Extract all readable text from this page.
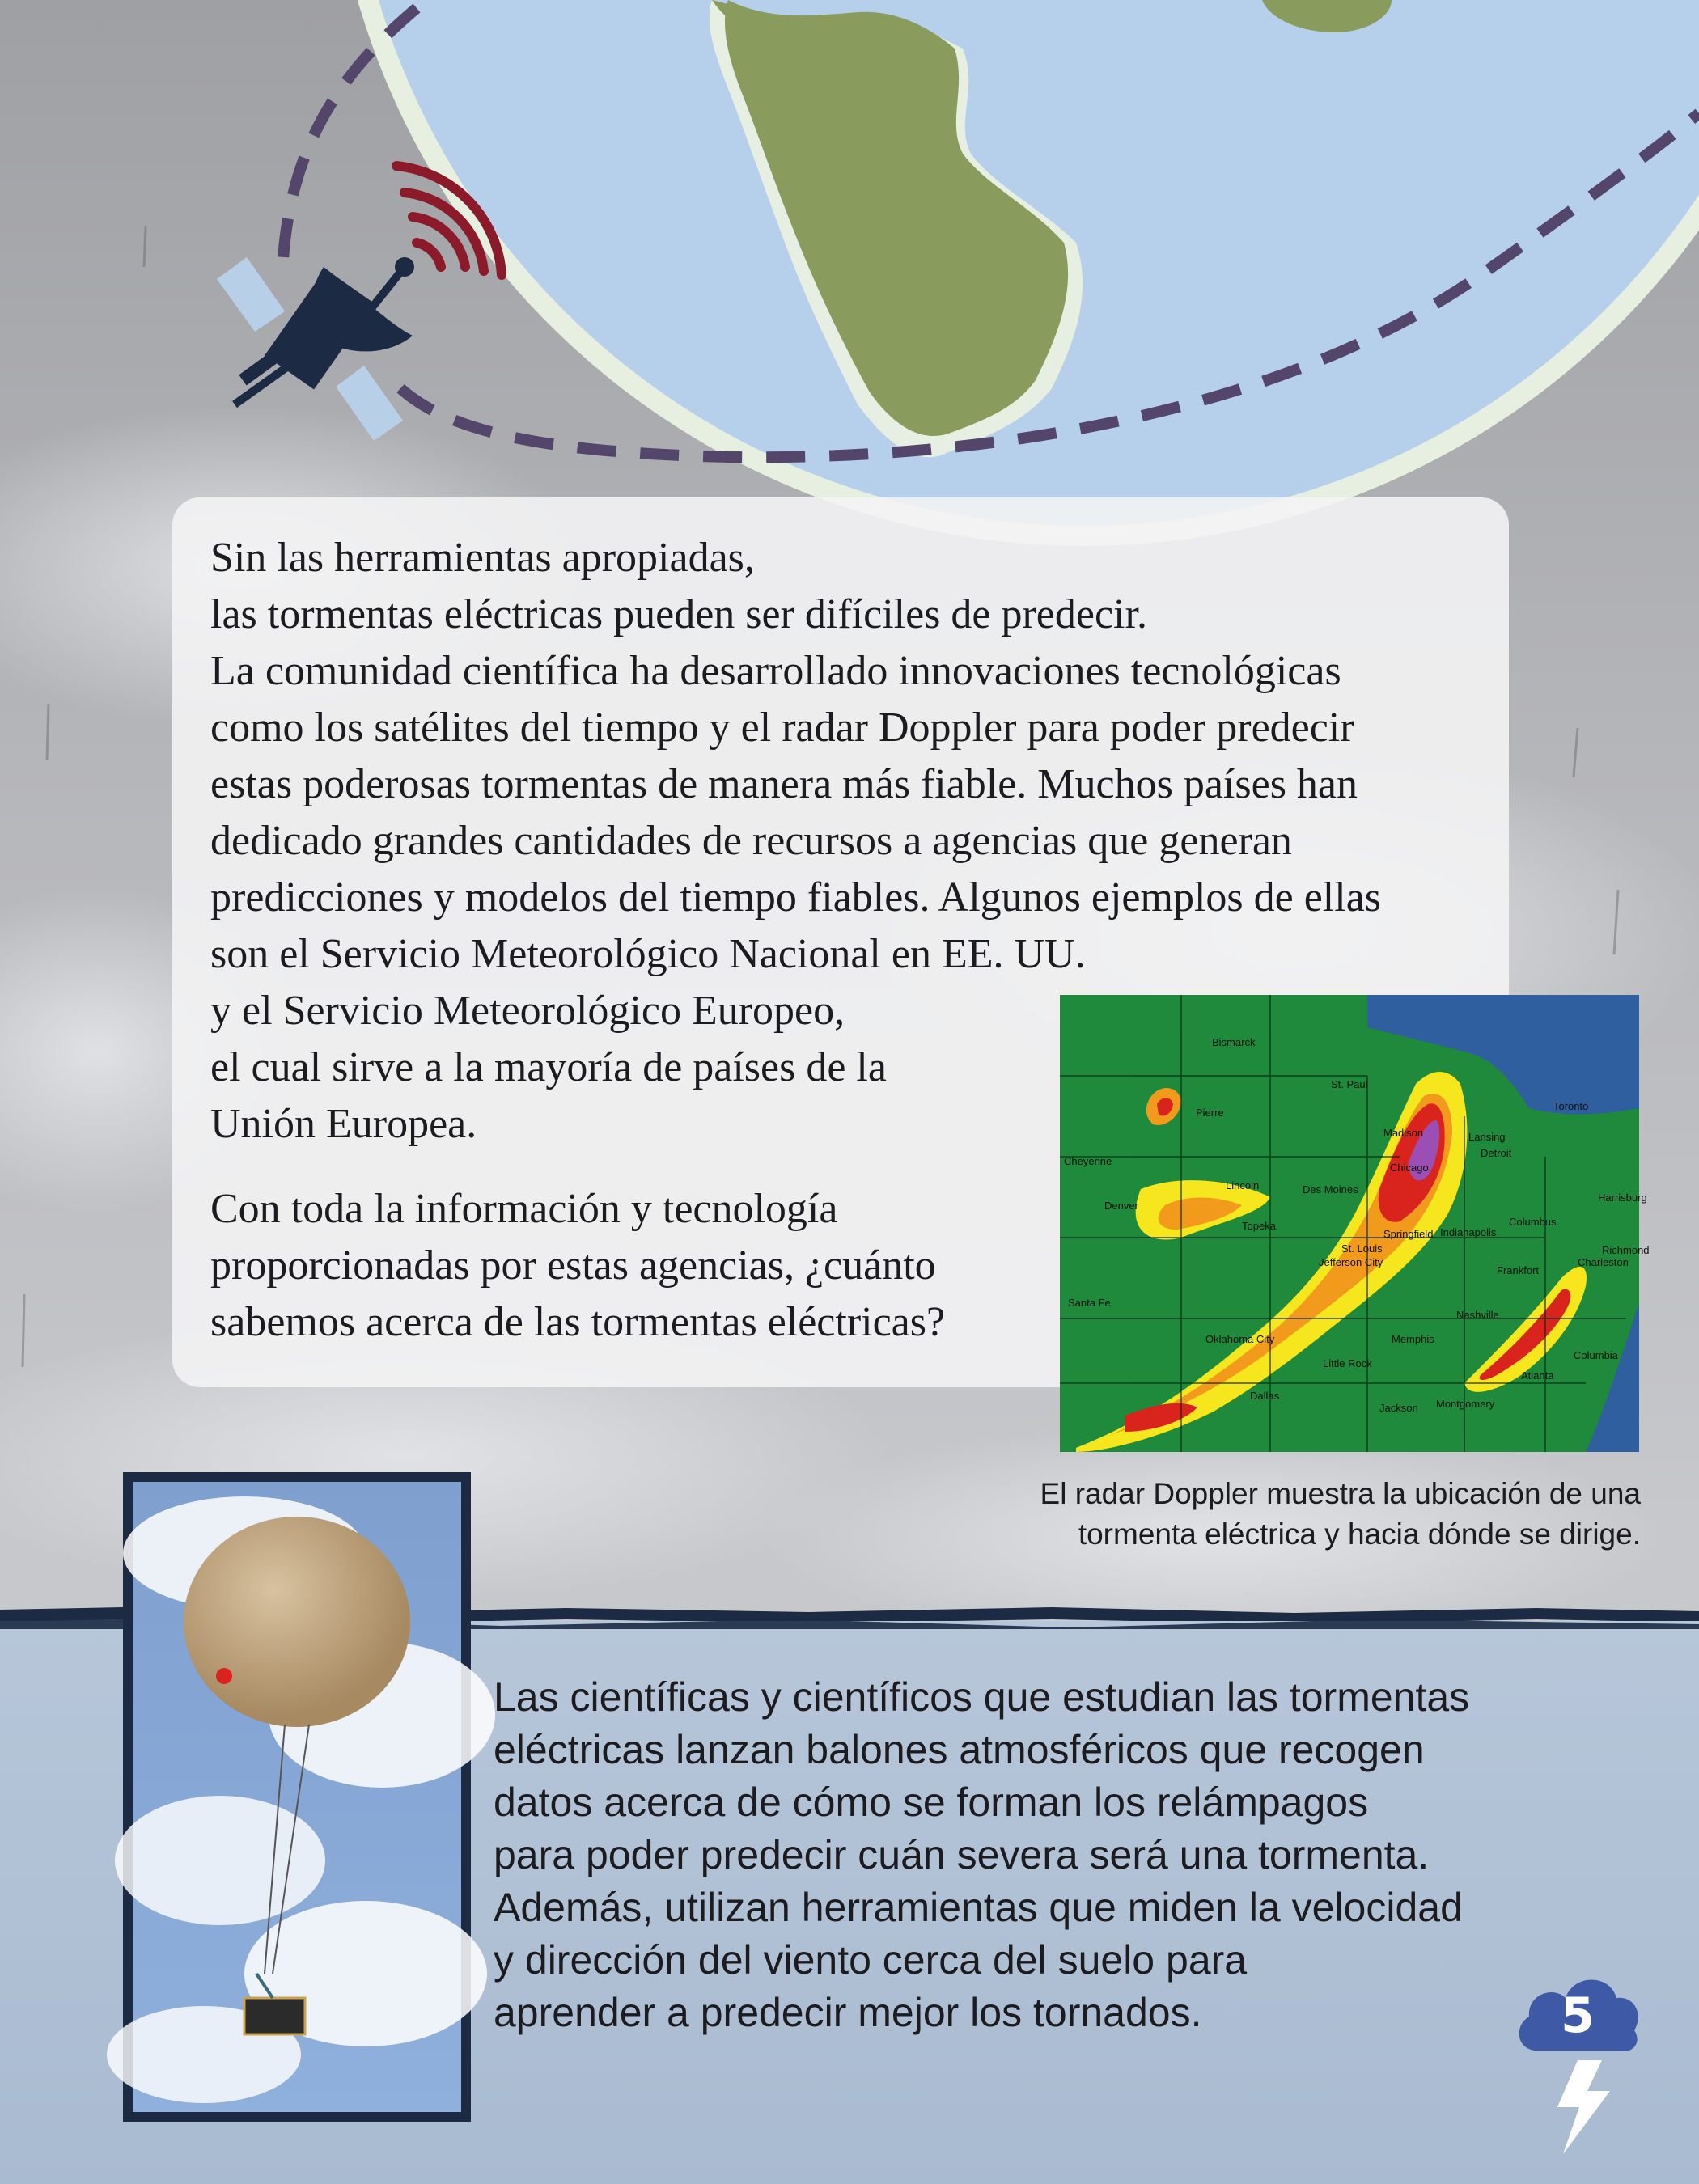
Sin las herramientas apropiadas,
las tormentas eléctricas pueden ser difíciles de predecir.
La comunidad científica ha desarrollado innovaciones tecnológicas
como los satélites del tiempo y el radar Doppler para poder predecir
estas poderosas tormentas de manera más fiable. Muchos países han
dedicado grandes cantidades de recursos a agencias que generan
predicciones y modelos del tiempo fiables. Algunos ejemplos de ellas
son el Servicio Meteorológico Nacional en EE. UU.
y el Servicio Meteorológico Europeo,
el cual sirve a la mayoría de países de la
Unión Europea.

Con toda la información y tecnología
proporcionadas por estas agencias, ¿cuánto
sabemos acerca de las tormentas eléctricas?

Bismarck
Pierre
St. Paul
Toronto
Madison	Lansing
Detroit
Chicago
Cheyenne
Lincoln	Des Moines
Denver
Topeka
Springfield Indianapolis
Columbus
St. Louis
Jefferson City
Frankfort
Charleston
Richmond
Harrisburg
Santa Fe
Oklahoma City
Nashville
Memphis
Little Rock
Atlanta
Columbia
Dallas
Jackson Montgomery

El radar Doppler muestra la ubicación de una
tormenta eléctrica y hacia dónde se dirige.

Las científicas y científicos que estudian las tormentas
eléctricas lanzan balones atmosféricos que recogen
datos acerca de cómo se forman los relámpagos
para poder predecir cuán severa será una tormenta.
Además, utilizan herramientas que miden la velocidad
y dirección del viento cerca del suelo para
aprender a predecir mejor los tornados.	5
